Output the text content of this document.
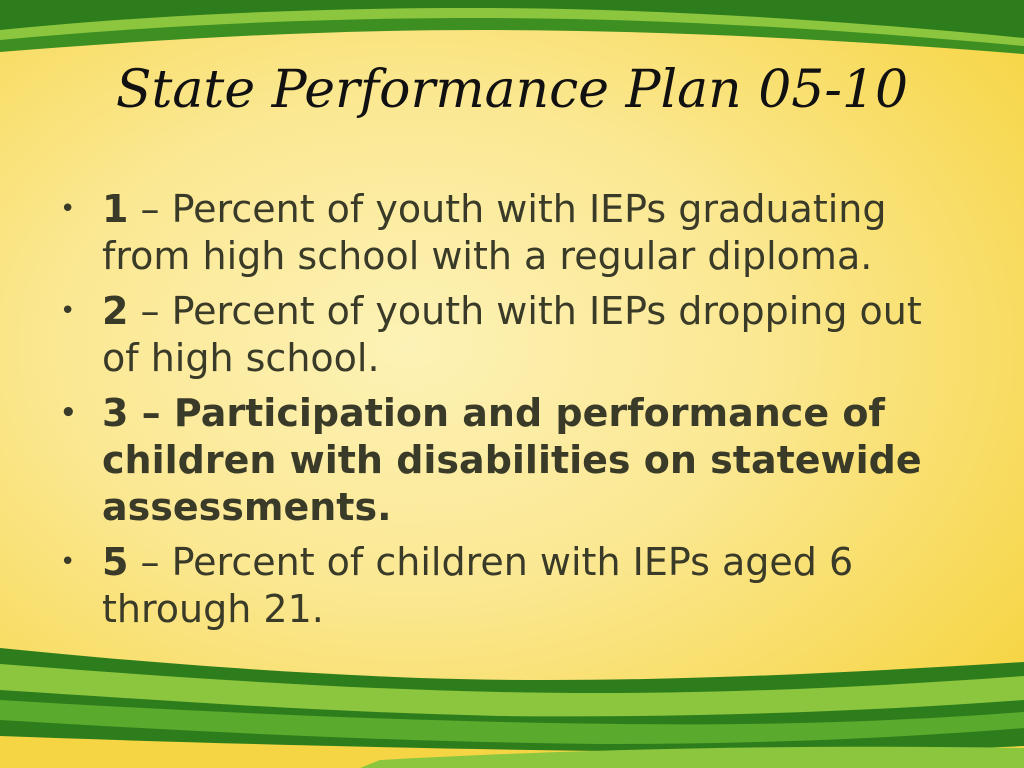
State Performance Plan 05-10
• 1 – Percent of youth with IEPs graduating from high school with a regular diploma.
• 2 – Percent of youth with IEPs dropping out of high school.
• 3 – Participation and performance of children with disabilities on statewide assessments.
• 5 – Percent of children with IEPs aged 6 through 21.
